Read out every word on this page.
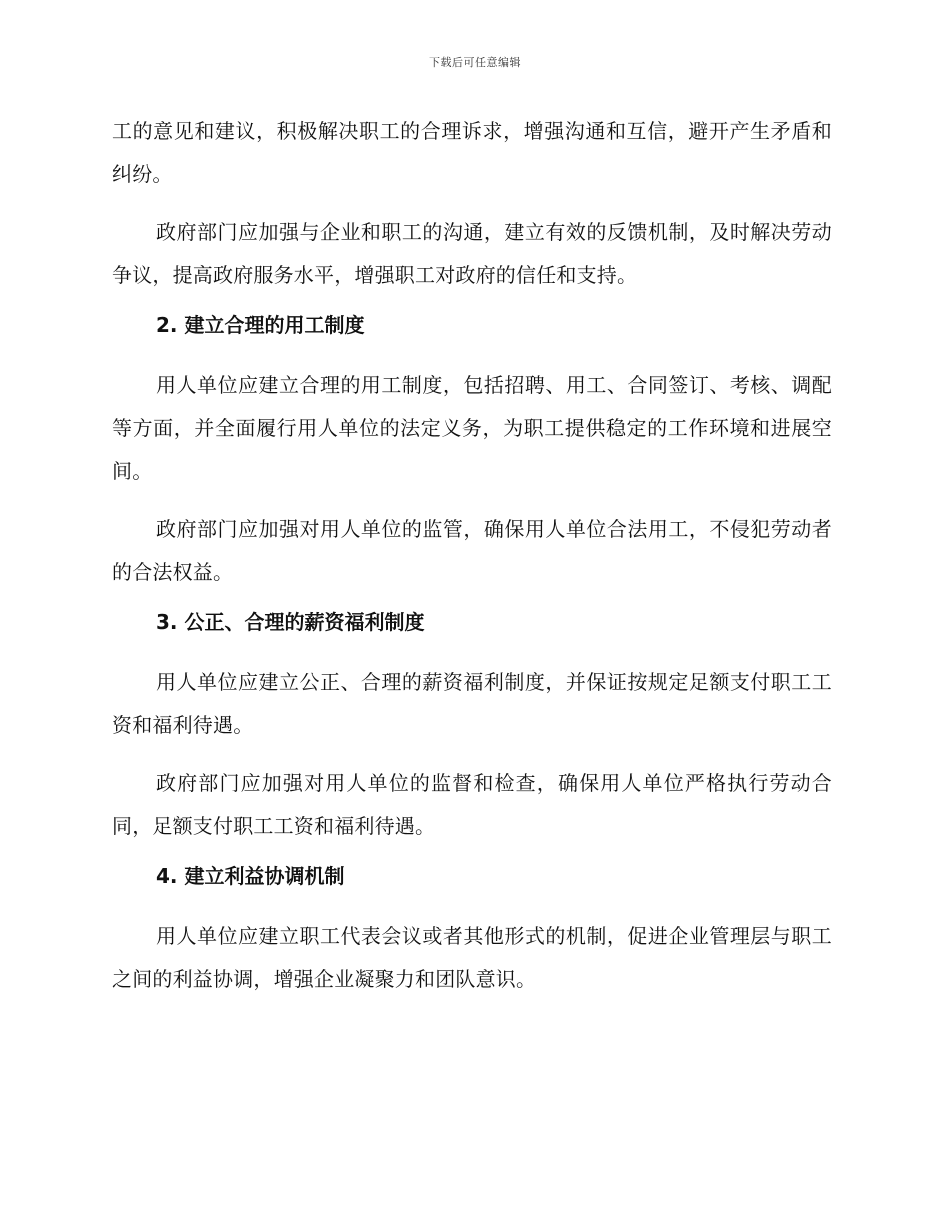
下载后可任意编辑

工的意见和建议，积极解决职工的合理诉求，增强沟通和互信，避开产生矛盾和纠纷。

政府部门应加强与企业和职工的沟通，建立有效的反馈机制，及时解决劳动争议，提高政府服务水平，增强职工对政府的信任和支持。

2. 建立合理的用工制度

用人单位应建立合理的用工制度，包括招聘、用工、合同签订、考核、调配等方面，并全面履行用人单位的法定义务，为职工提供稳定的工作环境和进展空间。

政府部门应加强对用人单位的监管，确保用人单位合法用工，不侵犯劳动者的合法权益。

3. 公正、合理的薪资福利制度

用人单位应建立公正、合理的薪资福利制度，并保证按规定足额支付职工工资和福利待遇。

政府部门应加强对用人单位的监督和检查，确保用人单位严格执行劳动合同，足额支付职工工资和福利待遇。

4. 建立利益协调机制

用人单位应建立职工代表会议或者其他形式的机制，促进企业管理层与职工之间的利益协调，增强企业凝聚力和团队意识。
